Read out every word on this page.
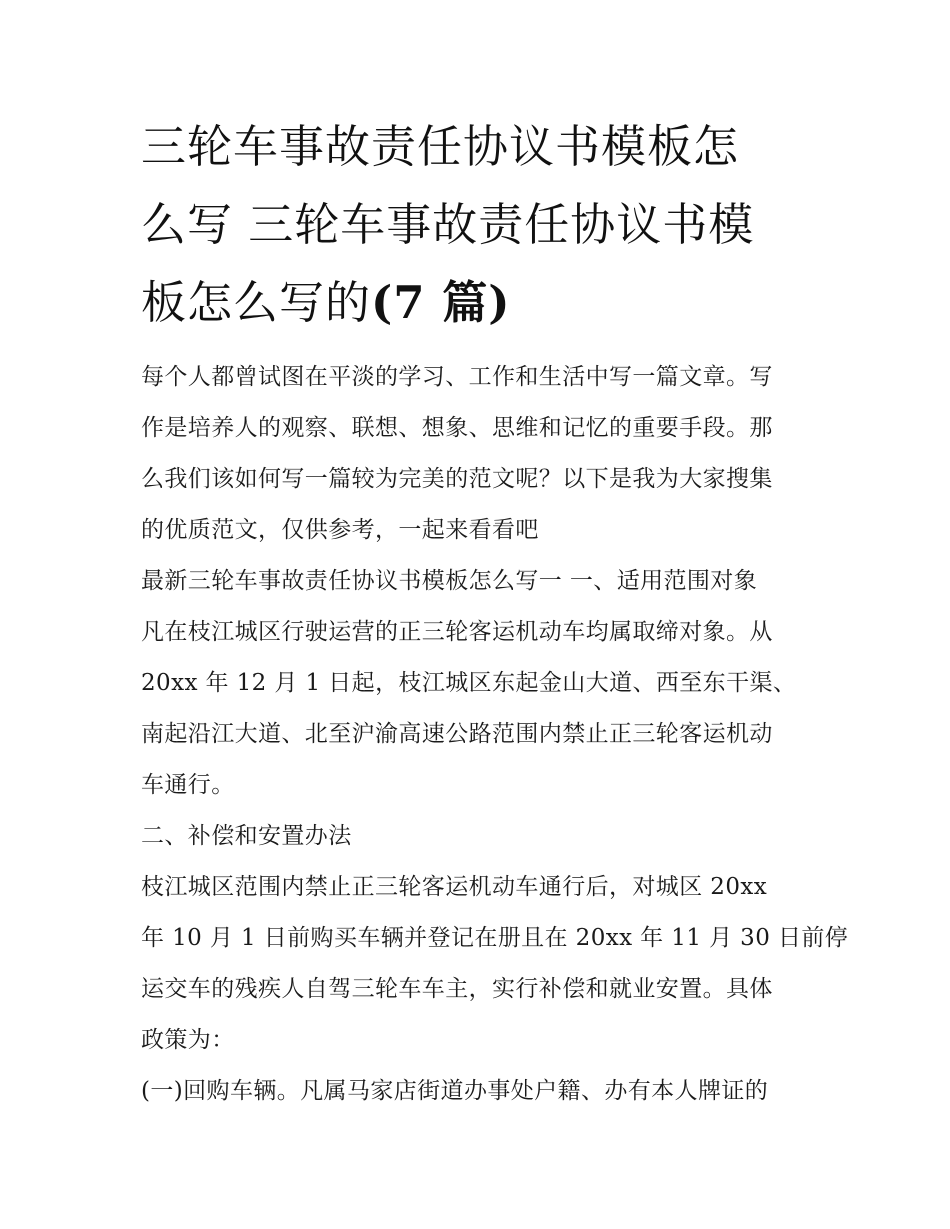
三轮车事故责任协议书模板怎
么写 三轮车事故责任协议书模
板怎么写的(7 篇)

每个人都曾试图在平淡的学习、工作和生活中写一篇文章。写
作是培养人的观察、联想、想象、思维和记忆的重要手段。那
么我们该如何写一篇较为完美的范文呢？以下是我为大家搜集
的优质范文，仅供参考，一起来看看吧

最新三轮车事故责任协议书模板怎么写一 一、适用范围对象

凡在枝江城区行驶运营的正三轮客运机动车均属取缔对象。从
20xx 年 12 月 1 日起，枝江城区东起金山大道、西至东干渠、
南起沿江大道、北至沪渝高速公路范围内禁止正三轮客运机动
车通行。

二、补偿和安置办法

枝江城区范围内禁止正三轮客运机动车通行后，对城区 20xx
年 10 月 1 日前购买车辆并登记在册且在 20xx 年 11 月 30 日前停
运交车的残疾人自驾三轮车车主，实行补偿和就业安置。具体
政策为：

(一)回购车辆。凡属马家店街道办事处户籍、办有本人牌证的
